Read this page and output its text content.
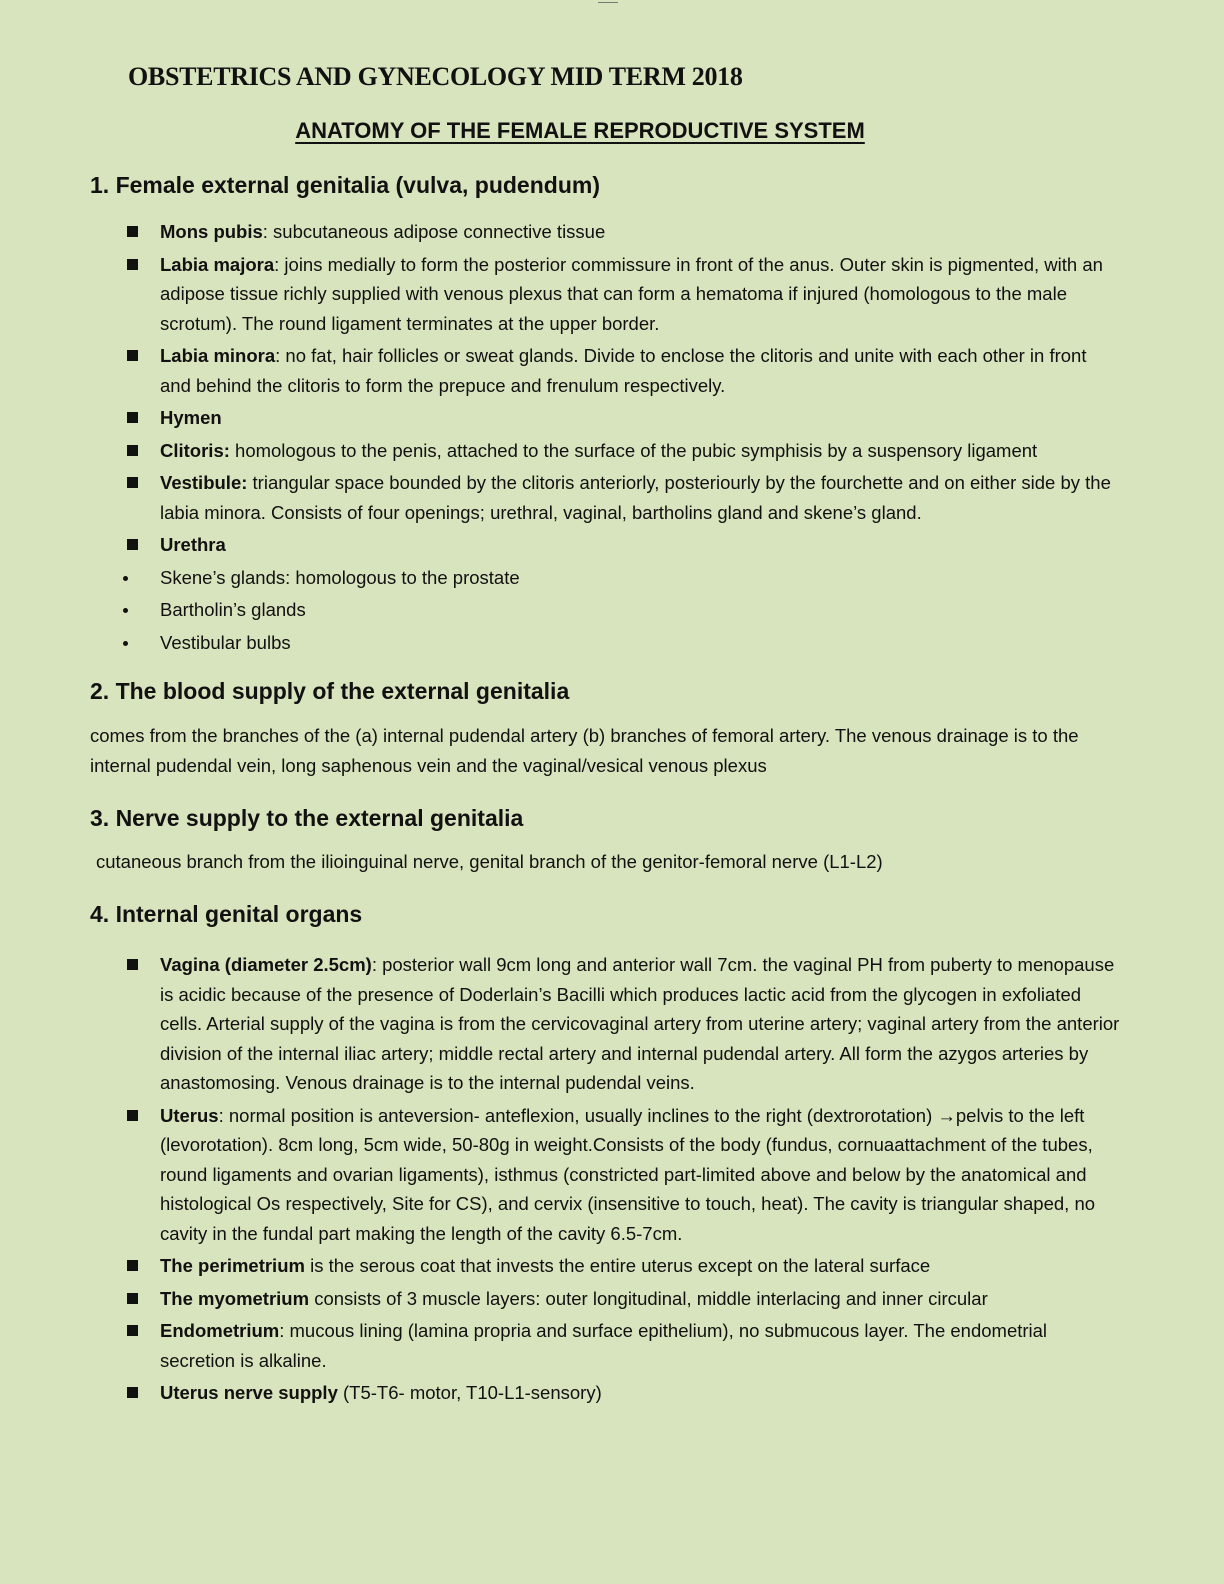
OBSTETRICS AND GYNECOLOGY MID TERM 2018
ANATOMY OF THE FEMALE REPRODUCTIVE SYSTEM
1. Female external genitalia (vulva, pudendum)
Mons pubis: subcutaneous adipose connective tissue
Labia majora: joins medially to form the posterior commissure in front of the anus. Outer skin is pigmented, with an adipose tissue richly supplied with venous plexus that can form a hematoma if injured (homologous to the male scrotum). The round ligament terminates at the upper border.
Labia minora: no fat, hair follicles or sweat glands. Divide to enclose the clitoris and unite with each other in front and behind the clitoris to form the prepuce and frenulum respectively.
Hymen
Clitoris: homologous to the penis, attached to the surface of the pubic symphisis by a suspensory ligament
Vestibule: triangular space bounded by the clitoris anteriorly, posteriourly by the fourchette and on either side by the labia minora. Consists of four openings; urethral, vaginal, bartholins gland and skene’s gland.
Urethra
Skene’s glands: homologous to the prostate
Bartholin’s glands
Vestibular bulbs
2. The blood supply of the external genitalia

comes from the branches of the (a) internal pudendal artery (b) branches of femoral artery. The venous drainage is to the internal pudendal vein, long saphenous vein and the vaginal/vesical venous plexus

3. Nerve supply to the external genitalia

cutaneous branch from the ilioinguinal nerve, genital branch of the genitor-femoral nerve (L1-L2)

4. Internal genital organs
Vagina (diameter 2.5cm): posterior wall 9cm long and anterior wall 7cm. the vaginal PH from puberty to menopause is acidic because of the presence of Doderlain’s Bacilli which produces lactic acid from the glycogen in exfoliated cells. Arterial supply of the vagina is from the cervicovaginal artery from uterine artery; vaginal artery from the anterior division of the internal iliac artery; middle rectal artery and internal pudendal artery. All form the azygos arteries by anastomosing. Venous drainage is to the internal pudendal veins.
Uterus: normal position is anteversion- anteflexion, usually inclines to the right (dextrorotation) →pelvis to the left (levorotation). 8cm long, 5cm wide, 50-80g in weight.Consists of the body (fundus, cornuaattachment of the tubes, round ligaments and ovarian ligaments), isthmus (constricted part-limited above and below by the anatomical and histological Os respectively, Site for CS), and cervix (insensitive to touch, heat). The cavity is triangular shaped, no cavity in the fundal part making the length of the cavity 6.5-7cm.
The perimetrium is the serous coat that invests the entire uterus except on the lateral surface
The myometrium consists of 3 muscle layers: outer longitudinal, middle interlacing and inner circular
Endometrium: mucous lining (lamina propria and surface epithelium), no submucous layer. The endometrial secretion is alkaline.
Uterus nerve supply (T5-T6- motor, T10-L1-sensory)
